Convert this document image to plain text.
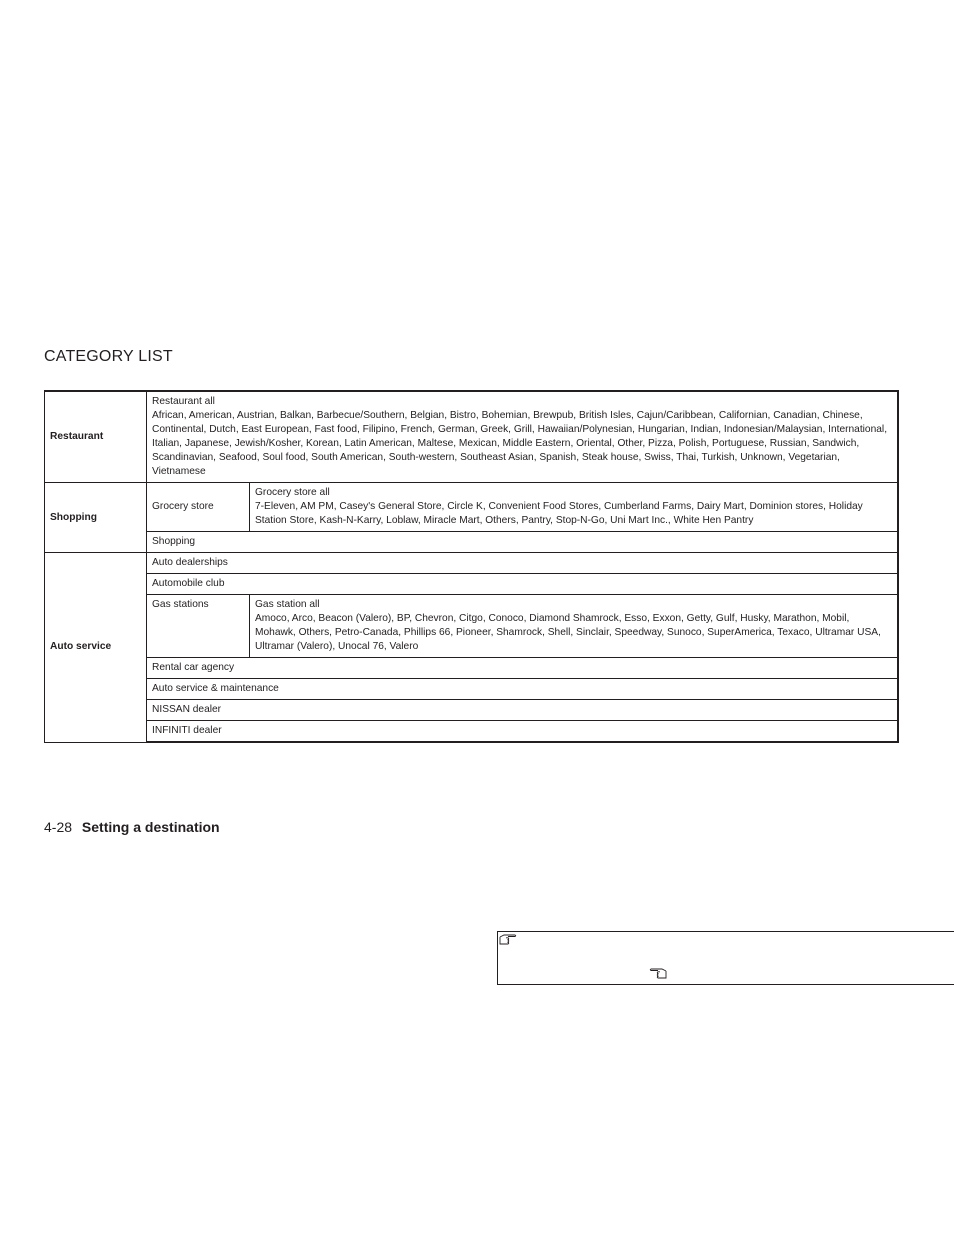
CATEGORY LIST
Restaurant	Restaurant all
African, American, Austrian, Balkan, Barbecue/Southern, Belgian, Bistro, Bohemian, Brewpub, British Isles, Cajun/Caribbean, Californian, Canadian, Chinese, Continental, Dutch, East European, Fast food, Filipino, French, German, Greek, Grill, Hawaiian/Polynesian, Hungarian, Indian, Indonesian/Malaysian, International, Italian, Japanese, Jewish/Kosher, Korean, Latin American, Maltese, Mexican, Middle Eastern, Oriental, Other, Pizza, Polish, Portuguese, Russian, Sandwich, Scandinavian, Seafood, Soul food, South American, South-western, Southeast Asian, Spanish, Steak house, Swiss, Thai, Turkish, Unknown, Vegetarian, Vietnamese	

Shopping	Grocery store	Grocery store all
7-Eleven, AM PM, Casey's General Store, Circle K, Convenient Food Stores, Cumberland Farms, Dairy Mart, Dominion stores, Holiday Station Store, Kash-N-Karry, Loblaw, Miracle Mart, Others, Pantry, Stop-N-Go, Uni Mart Inc., White Hen Pantry

	Shopping	
Auto service	Auto dealerships	
	Automobile club	
	Gas stations	Gas station all
Amoco, Arco, Beacon (Valero), BP, Chevron, Citgo, Conoco, Diamond Shamrock, Esso, Exxon, Getty, Gulf, Husky, Marathon, Mobil, Mohawk, Others, Petro-Canada, Phillips 66, Pioneer, Shamrock, Shell, Sinclair, Speedway, Sunoco, SuperAmerica, Texaco, Ultramar USA, Ultramar (Valero), Unocal 76, Valero

	Rental car agency	
	Auto service & maintenance	
	NISSAN dealer	
	INFINITI dealer	
4-28 Setting a destination
